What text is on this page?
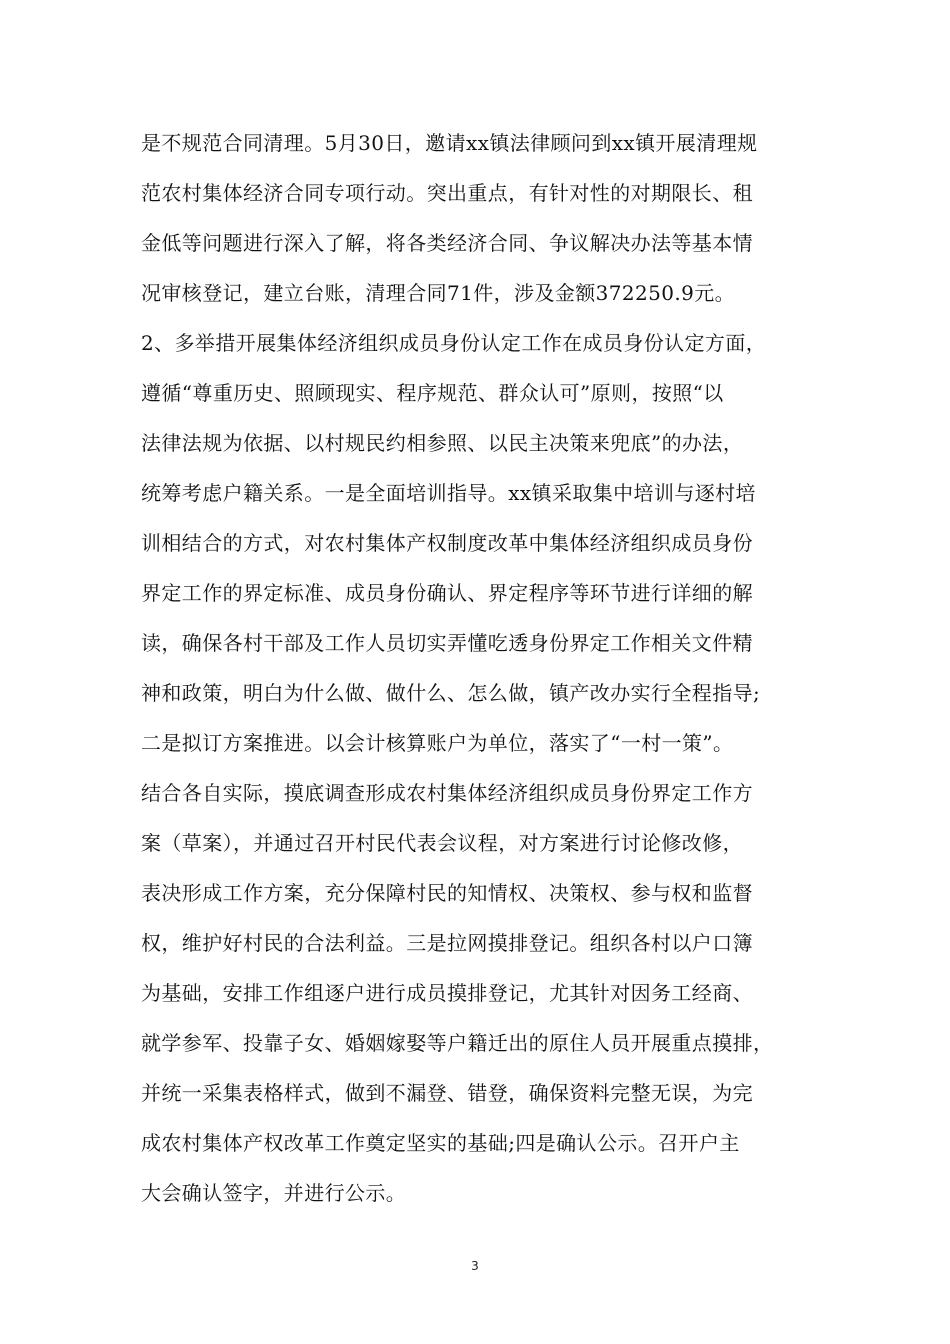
是不规范合同清理。5月30日，邀请xx镇法律顾问到xx镇开展清理规
范农村集体经济合同专项行动。突出重点，有针对性的对期限长、租
金低等问题进行深入了解，将各类经济合同、争议解决办法等基本情
况审核登记，建立台账，清理合同71件，涉及金额372250.9元。
2、多举措开展集体经济组织成员身份认定工作在成员身份认定方面，
遵循“尊重历史、照顾现实、程序规范、群众认可”原则，按照“以
法律法规为依据、以村规民约相参照、以民主决策来兜底”的办法，
统筹考虑户籍关系。一是全面培训指导。xx镇采取集中培训与逐村培
训相结合的方式，对农村集体产权制度改革中集体经济组织成员身份
界定工作的界定标准、成员身份确认、界定程序等环节进行详细的解
读，确保各村干部及工作人员切实弄懂吃透身份界定工作相关文件精
神和政策，明白为什么做、做什么、怎么做，镇产改办实行全程指导;
二是拟订方案推进。以会计核算账户为单位，落实了“一村一策”。
结合各自实际，摸底调查形成农村集体经济组织成员身份界定工作方
案（草案），并通过召开村民代表会议程，对方案进行讨论修改修，
表决形成工作方案，充分保障村民的知情权、决策权、参与权和监督
权，维护好村民的合法利益。三是拉网摸排登记。组织各村以户口簿
为基础，安排工作组逐户进行成员摸排登记，尤其针对因务工经商、
就学参军、投靠子女、婚姻嫁娶等户籍迁出的原住人员开展重点摸排，
并统一采集表格样式，做到不漏登、错登，确保资料完整无误，为完
成农村集体产权改革工作奠定坚实的基础;四是确认公示。召开户主
大会确认签字，并进行公示。
3
